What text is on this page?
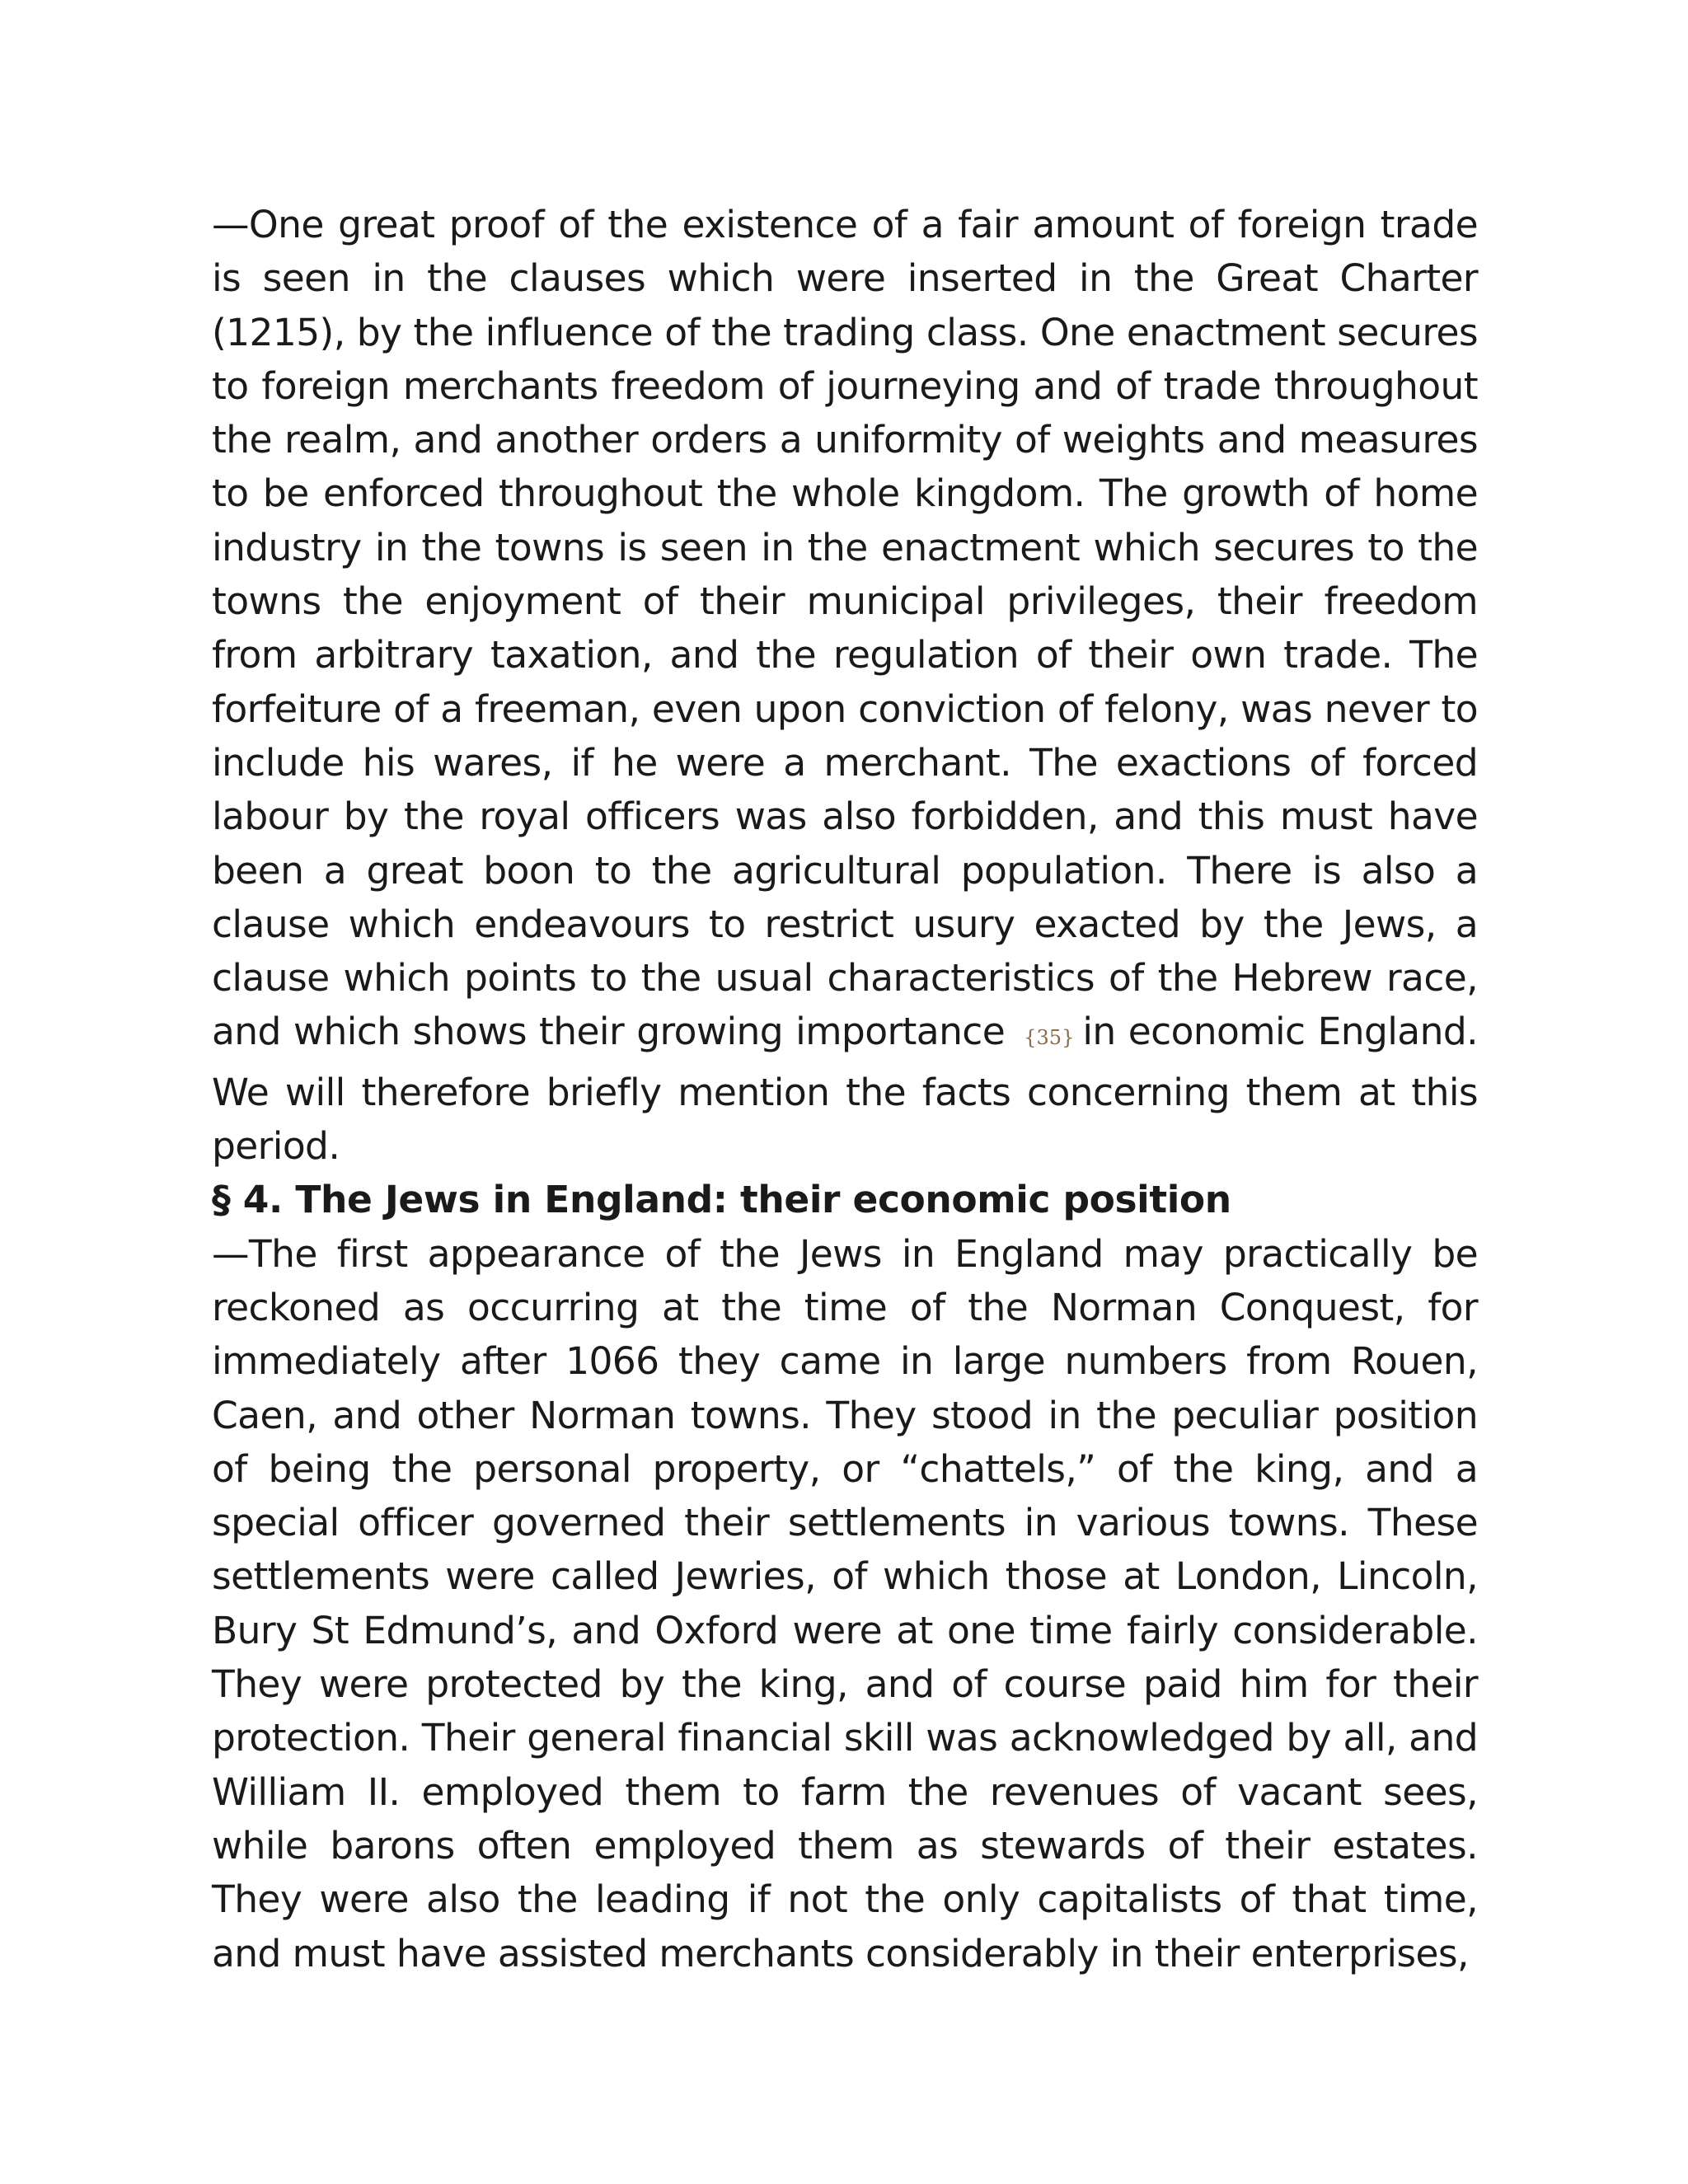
—One great proof of the existence of a fair amount of foreign trade is seen in the clauses which were inserted in the Great Charter (1215), by the influence of the trading class. One enactment secures to foreign merchants freedom of journeying and of trade throughout the realm, and another orders a uniformity of weights and measures to be enforced throughout the whole kingdom. The growth of home industry in the towns is seen in the enactment which secures to the towns the enjoyment of their municipal privileges, their freedom from arbitrary taxation, and the regulation of their own trade. The forfeiture of a freeman, even upon conviction of felony, was never to include his wares, if he were a merchant. The exactions of forced labour by the royal officers was also forbidden, and this must have been a great boon to the agricultural population. There is also a clause which endeavours to restrict usury exacted by the Jews, a clause which points to the usual characteristics of the Hebrew race, and which shows their growing importance {35} in economic England. We will therefore briefly mention the facts concerning them at this period.

§ 4. The Jews in England: their economic position

—The first appearance of the Jews in England may practically be reckoned as occurring at the time of the Norman Conquest, for immediately after 1066 they came in large numbers from Rouen, Caen, and other Norman towns. They stood in the peculiar position of being the personal property, or “chattels,” of the king, and a special officer governed their settlements in various towns. These settlements were called Jewries, of which those at London, Lincoln, Bury St Edmund’s, and Oxford were at one time fairly considerable. They were protected by the king, and of course paid him for their protection. Their general financial skill was acknowledged by all, and William II. employed them to farm the revenues of vacant sees, while barons often employed them as stewards of their estates. They were also the leading if not the only capitalists of that time, and must have assisted merchants considerably in their enterprises,
